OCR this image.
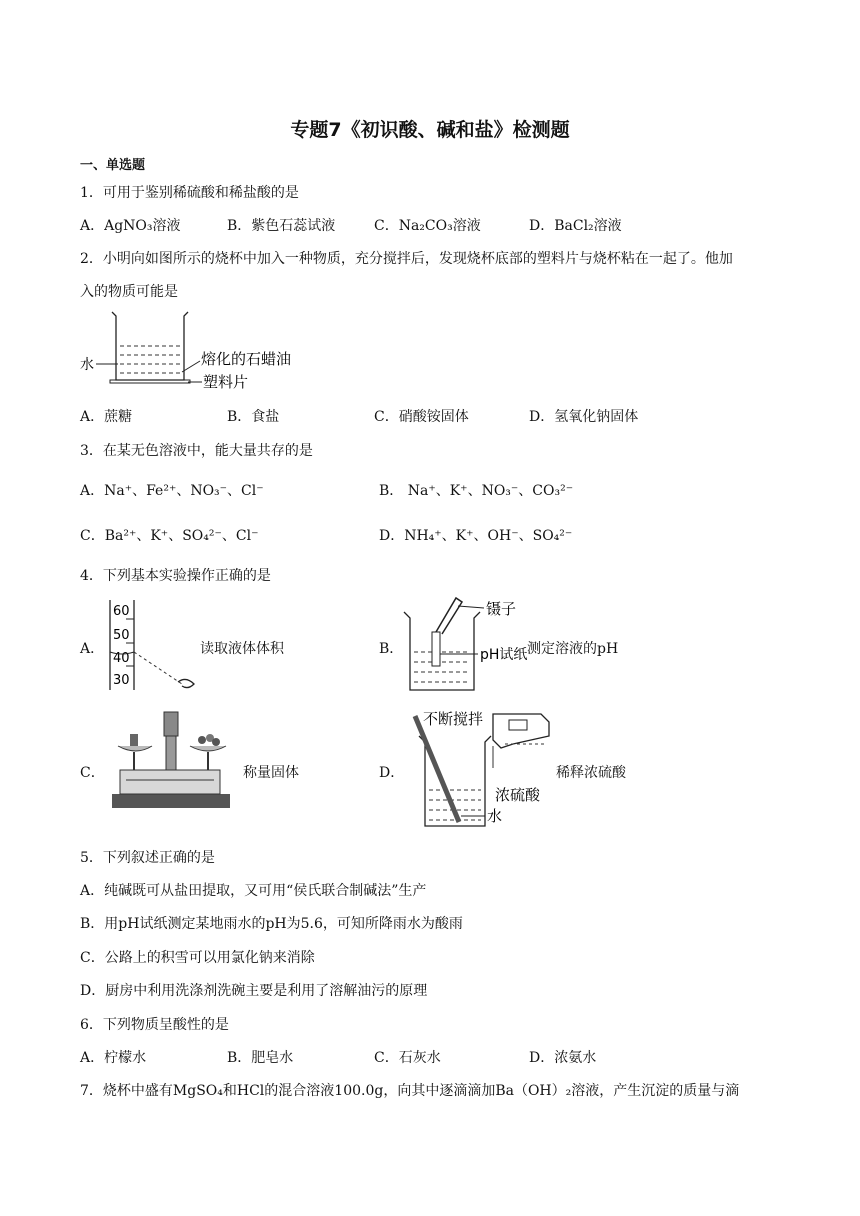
专题7《初识酸、碱和盐》检测题
一、单选题
1．可用于鉴别稀硫酸和稀盐酸的是
A．AgNO₃溶液	B．紫色石蕊试液	C．Na₂CO₃溶液	D．BaCl₂溶液
2．小明向如图所示的烧杯中加入一种物质，充分搅拌后，发现烧杯底部的塑料片与烧杯粘在一起了。他加
入的物质可能是
水	熔化的石蜡油
塑料片
A．蔗糖	B．食盐	C．硝酸铵固体	D．氢氧化钠固体
3．在某无色溶液中，能大量共存的是
A．Na⁺、Fe²⁺、NO₃⁻、Cl⁻	B． Na⁺、K⁺、NO₃⁻、CO₃²⁻
C．Ba²⁺、K⁺、SO₄²⁻、Cl⁻	D．NH₄⁺、K⁺、OH⁻、SO₄²⁻
4．下列基本实验操作正确的是
A．
60
50
40
30
读取液体体积	B．
镊子
pH试纸 测定溶液的pH
C．	称量固体	D．
不断搅拌
浓硫酸
水
稀释浓硫酸
5．下列叙述正确的是
A．纯碱既可从盐田提取，又可用“侯氏联合制碱法”生产
B．用pH试纸测定某地雨水的pH为5.6，可知所降雨水为酸雨
C．公路上的积雪可以用氯化钠来消除
D．厨房中利用洗涤剂洗碗主要是利用了溶解油污的原理
6．下列物质呈酸性的是
A．柠檬水	B．肥皂水	C．石灰水	D．浓氨水
7．烧杯中盛有MgSO₄和HCl的混合溶液100.0g，向其中逐滴滴加Ba（OH）₂溶液，产生沉淀的质量与滴
